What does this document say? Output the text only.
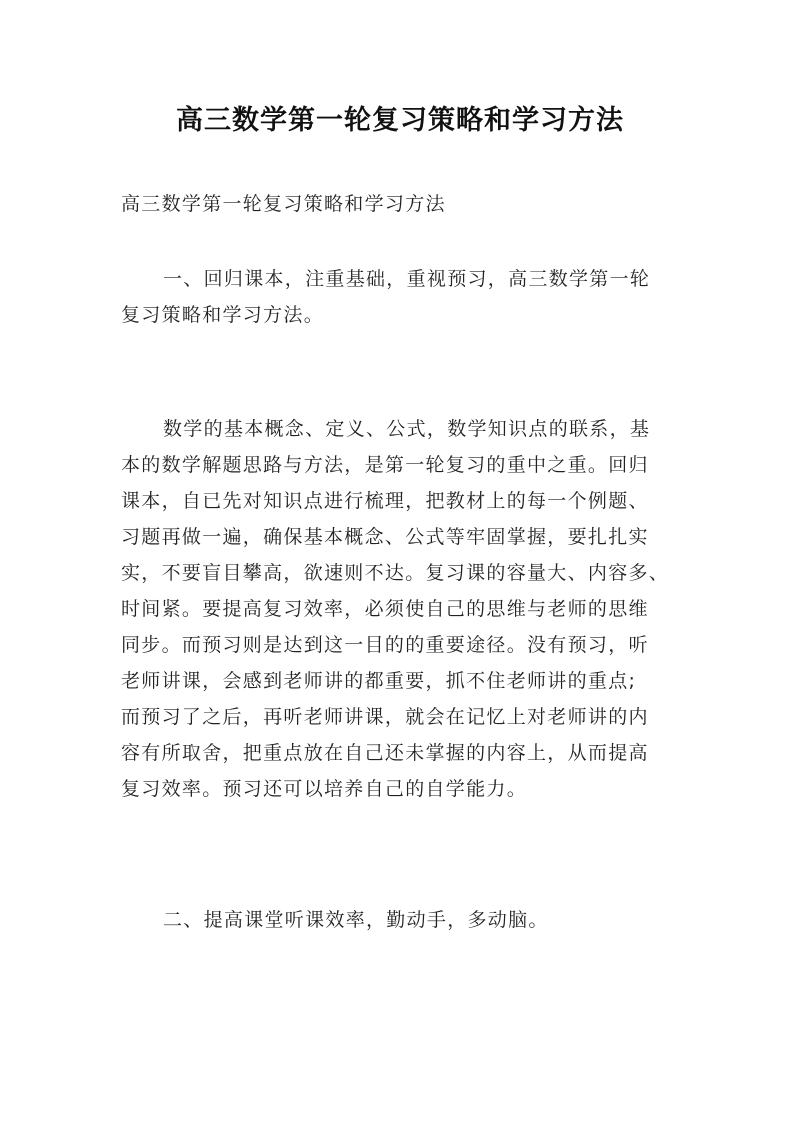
高三数学第一轮复习策略和学习方法

高三数学第一轮复习策略和学习方法

一、回归课本，注重基础，重视预习，高三数学第一轮

复习策略和学习方法。

数学的基本概念、定义、公式，数学知识点的联系，基

本的数学解题思路与方法，是第一轮复习的重中之重。回归

课本，自已先对知识点进行梳理，把教材上的每一个例题、

习题再做一遍，确保基本概念、公式等牢固掌握，要扎扎实

实，不要盲目攀高，欲速则不达。复习课的容量大、内容多、

时间紧。要提高复习效率，必须使自己的思维与老师的思维

同步。而预习则是达到这一目的的重要途径。没有预习，听

老师讲课，会感到老师讲的都重要，抓不住老师讲的重点;

而预习了之后，再听老师讲课，就会在记忆上对老师讲的内

容有所取舍，把重点放在自己还未掌握的内容上，从而提高

复习效率。预习还可以培养自己的自学能力。

二、提高课堂听课效率，勤动手，多动脑。
